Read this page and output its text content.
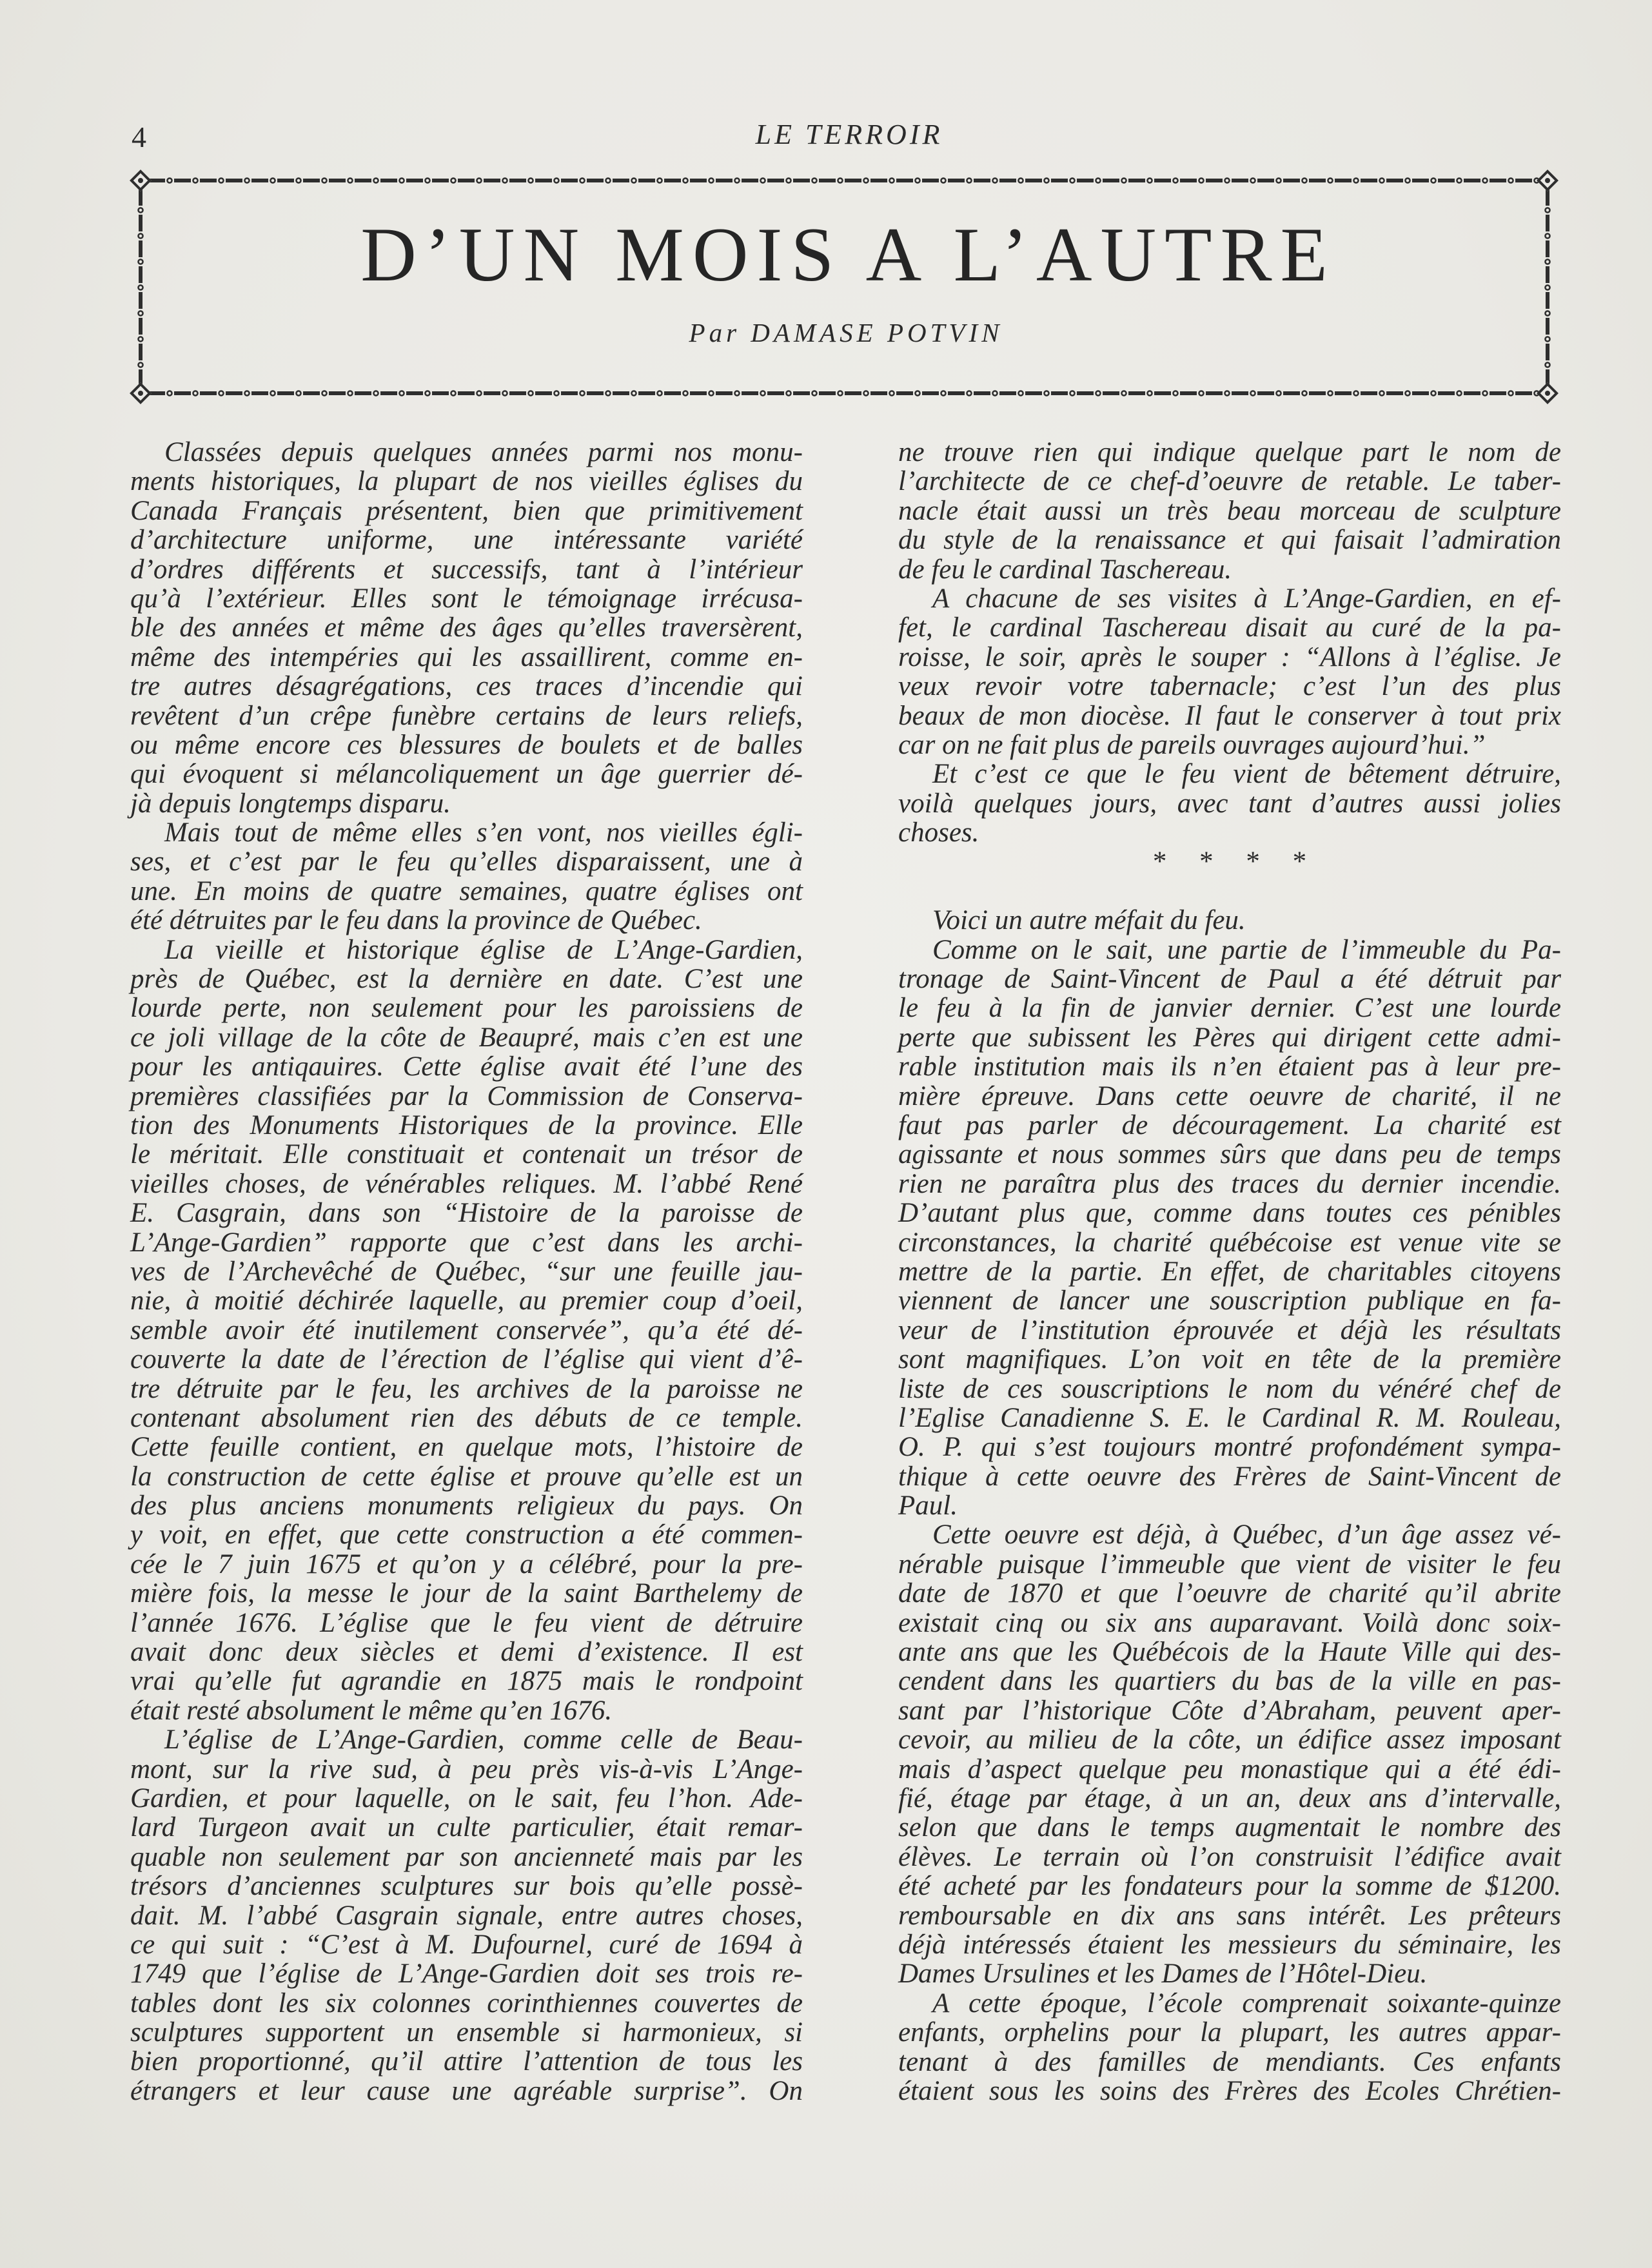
4	LE TERROIR
D’UN MOIS A L’AUTRE
Par DAMASE POTVIN
Classées depuis quelques années parmi nos monu-
ments historiques, la plupart de nos vieilles églises du
Canada Français présentent, bien que primitivement
d’architecture uniforme, une intéressante variété
d’ordres différents et successifs, tant à l’intérieur
qu’à l’extérieur. Elles sont le témoignage irrécusa-
ble des années et même des âges qu’elles traversèrent,
même des intempéries qui les assaillirent, comme en-
tre autres désagrégations, ces traces d’incendie qui
revêtent d’un crêpe funèbre certains de leurs reliefs,
ou même encore ces blessures de boulets et de balles
qui évoquent si mélancoliquement un âge guerrier dé-
jà depuis longtemps disparu.
Mais tout de même elles s’en vont, nos vieilles égli-
ses, et c’est par le feu qu’elles disparaissent, une à
une. En moins de quatre semaines, quatre églises ont
été détruites par le feu dans la province de Québec.
La vieille et historique église de L’Ange-Gardien,
près de Québec, est la dernière en date. C’est une
lourde perte, non seulement pour les paroissiens de
ce joli village de la côte de Beaupré, mais c’en est une
pour les antiqauires. Cette église avait été l’une des
premières classifiées par la Commission de Conserva-
tion des Monuments Historiques de la province. Elle
le méritait. Elle constituait et contenait un trésor de
vieilles choses, de vénérables reliques. M. l’abbé René
E. Casgrain, dans son “Histoire de la paroisse de
L’Ange-Gardien” rapporte que c’est dans les archi-
ves de l’Archevêché de Québec, “sur une feuille jau-
nie, à moitié déchirée laquelle, au premier coup d’oeil,
semble avoir été inutilement conservée”, qu’a été dé-
couverte la date de l’érection de l’église qui vient d’ê-
tre détruite par le feu, les archives de la paroisse ne
contenant absolument rien des débuts de ce temple.
Cette feuille contient, en quelque mots, l’histoire de
la construction de cette église et prouve qu’elle est un
des plus anciens monuments religieux du pays. On
y voit, en effet, que cette construction a été commen-
cée le 7 juin 1675 et qu’on y a célébré, pour la pre-
mière fois, la messe le jour de la saint Barthelemy de
l’année 1676. L’église que le feu vient de détruire
avait donc deux siècles et demi d’existence. Il est
vrai qu’elle fut agrandie en 1875 mais le rondpoint
était resté absolument le même qu’en 1676.
L’église de L’Ange-Gardien, comme celle de Beau-
mont, sur la rive sud, à peu près vis-à-vis L’Ange-
Gardien, et pour laquelle, on le sait, feu l’hon. Ade-
lard Turgeon avait un culte particulier, était remar-
quable non seulement par son ancienneté mais par les
trésors d’anciennes sculptures sur bois qu’elle possè-
dait. M. l’abbé Casgrain signale, entre autres choses,
ce qui suit : “C’est à M. Dufournel, curé de 1694 à
1749 que l’église de L’Ange-Gardien doit ses trois re-
tables dont les six colonnes corinthiennes couvertes de
sculptures supportent un ensemble si harmonieux, si
bien proportionné, qu’il attire l’attention de tous les
étrangers et leur cause une agréable surprise”. On
ne trouve rien qui indique quelque part le nom de
l’architecte de ce chef-d’oeuvre de retable. Le taber-
nacle était aussi un très beau morceau de sculpture
du style de la renaissance et qui faisait l’admiration
de feu le cardinal Taschereau.
A chacune de ses visites à L’Ange-Gardien, en ef-
fet, le cardinal Taschereau disait au curé de la pa-
roisse, le soir, après le souper : “Allons à l’église. Je
veux revoir votre tabernacle; c’est l’un des plus
beaux de mon diocèse. Il faut le conserver à tout prix
car on ne fait plus de pareils ouvrages aujourd’hui.”
Et c’est ce que le feu vient de bêtement détruire,
voilà quelques jours, avec tant d’autres aussi jolies
choses.
* * * *
Voici un autre méfait du feu.
Comme on le sait, une partie de l’immeuble du Pa-
tronage de Saint-Vincent de Paul a été détruit par
le feu à la fin de janvier dernier. C’est une lourde
perte que subissent les Pères qui dirigent cette admi-
rable institution mais ils n’en étaient pas à leur pre-
mière épreuve. Dans cette oeuvre de charité, il ne
faut pas parler de découragement. La charité est
agissante et nous sommes sûrs que dans peu de temps
rien ne paraîtra plus des traces du dernier incendie.
D’autant plus que, comme dans toutes ces pénibles
circonstances, la charité québécoise est venue vite se
mettre de la partie. En effet, de charitables citoyens
viennent de lancer une souscription publique en fa-
veur de l’institution éprouvée et déjà les résultats
sont magnifiques. L’on voit en tête de la première
liste de ces souscriptions le nom du vénéré chef de
l’Eglise Canadienne S. E. le Cardinal R. M. Rouleau,
O. P. qui s’est toujours montré profondément sympa-
thique à cette oeuvre des Frères de Saint-Vincent de
Paul.
Cette oeuvre est déjà, à Québec, d’un âge assez vé-
nérable puisque l’immeuble que vient de visiter le feu
date de 1870 et que l’oeuvre de charité qu’il abrite
existait cinq ou six ans auparavant. Voilà donc soix-
ante ans que les Québécois de la Haute Ville qui des-
cendent dans les quartiers du bas de la ville en pas-
sant par l’historique Côte d’Abraham, peuvent aper-
cevoir, au milieu de la côte, un édifice assez imposant
mais d’aspect quelque peu monastique qui a été édi-
fié, étage par étage, à un an, deux ans d’intervalle,
selon que dans le temps augmentait le nombre des
élèves. Le terrain où l’on construisit l’édifice avait
été acheté par les fondateurs pour la somme de $1200.
remboursable en dix ans sans intérêt. Les prêteurs
déjà intéressés étaient les messieurs du séminaire, les
Dames Ursulines et les Dames de l’Hôtel-Dieu.
A cette époque, l’école comprenait soixante-quinze
enfants, orphelins pour la plupart, les autres appar-
tenant à des familles de mendiants. Ces enfants
étaient sous les soins des Frères des Ecoles Chrétien-
